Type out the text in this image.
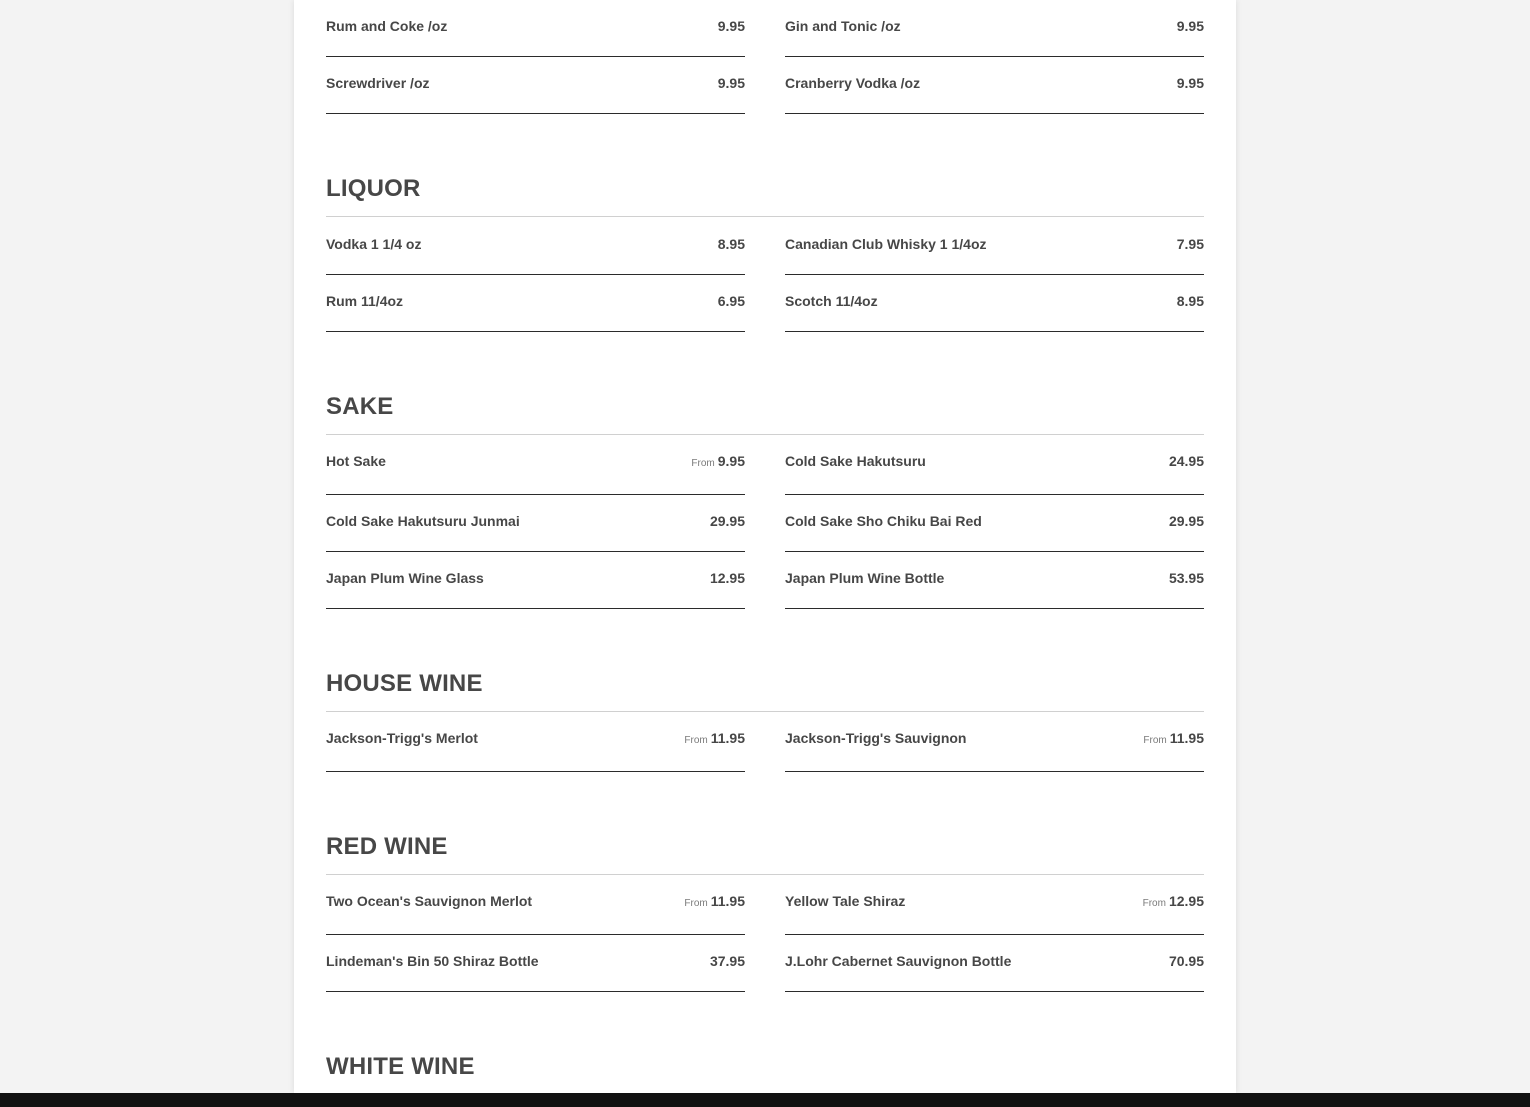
Rum and Coke /oz	9.95	Gin and Tonic /oz	9.95
Screwdriver /oz	9.95	Cranberry Vodka /oz	9.95
LIQUOR
Vodka 1 1/4 oz	8.95	Canadian Club Whisky 1 1/4oz	7.95
Rum 11/4oz	6.95	Scotch 11/4oz	8.95
SAKE
Hot Sake	From 9.95	Cold Sake Hakutsuru	24.95
Cold Sake Hakutsuru Junmai	29.95	Cold Sake Sho Chiku Bai Red	29.95
Japan Plum Wine Glass	12.95	Japan Plum Wine Bottle	53.95
HOUSE WINE
Jackson-Trigg's Merlot	From 11.95	Jackson-Trigg's Sauvignon	From 11.95
RED WINE
Two Ocean's Sauvignon Merlot	From 11.95	Yellow Tale Shiraz	From 12.95
Lindeman's Bin 50 Shiraz Bottle	37.95	J.Lohr Cabernet Sauvignon Bottle	70.95
WHITE WINE
